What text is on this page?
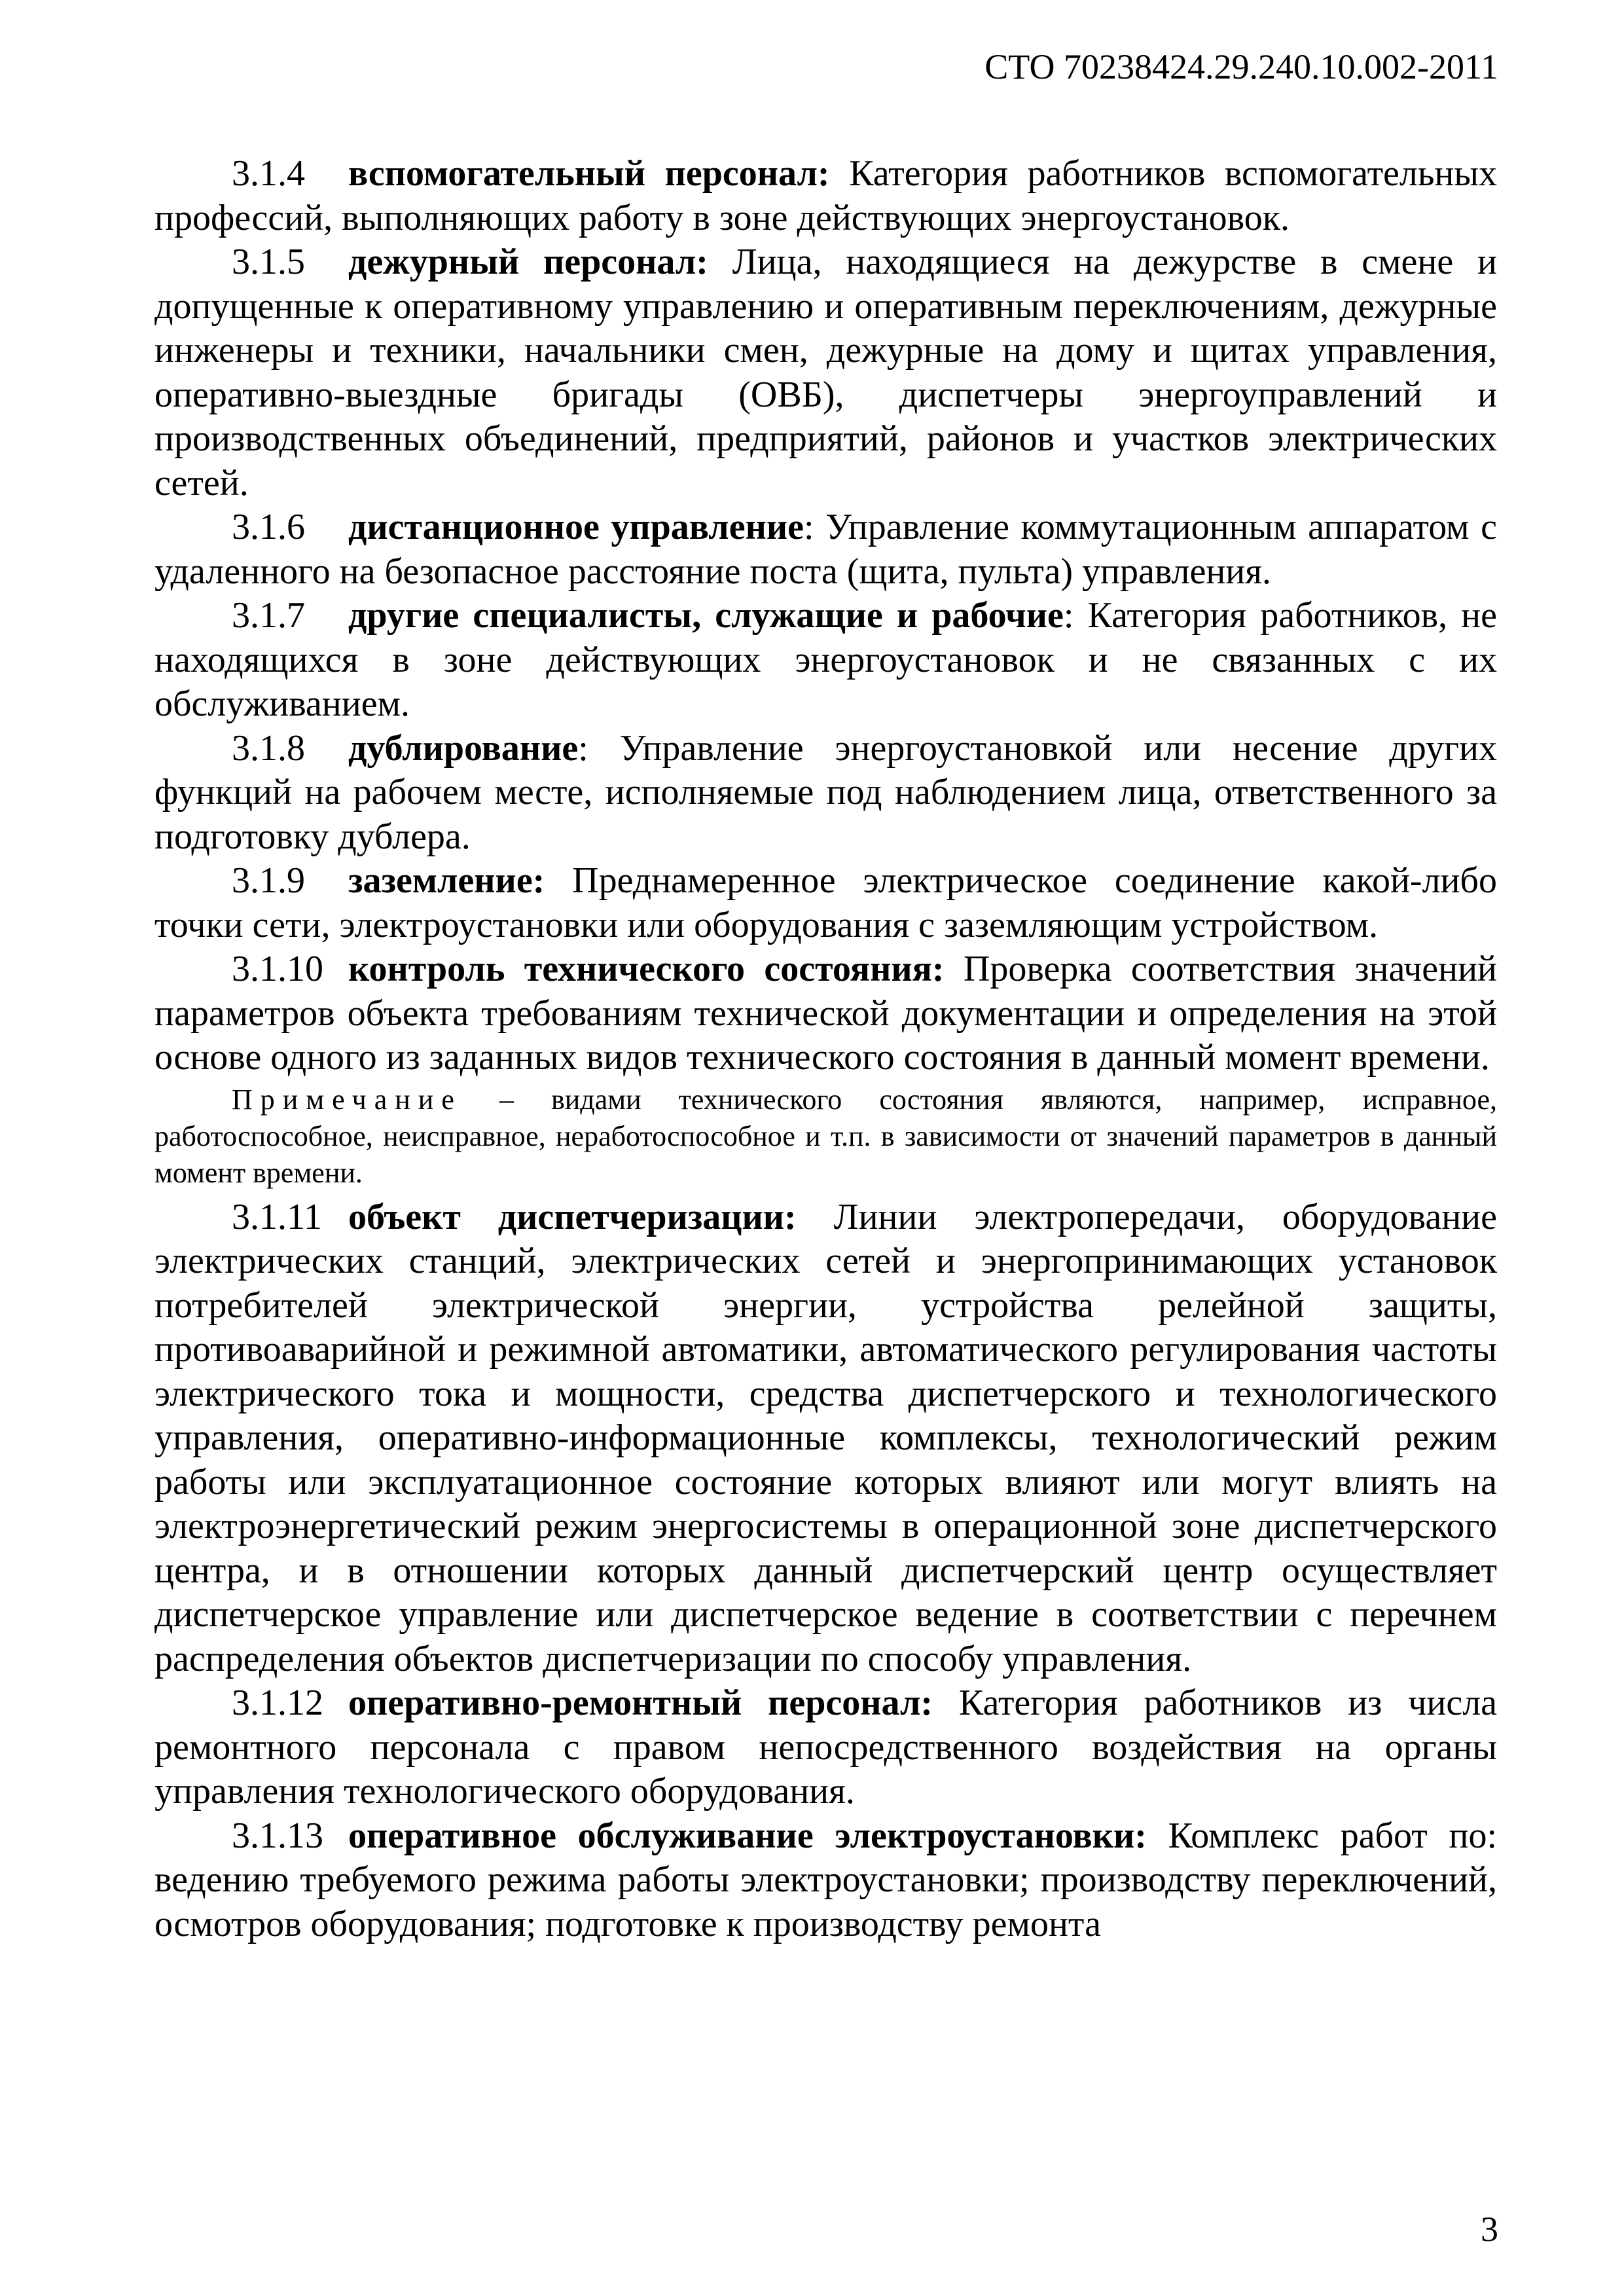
СТО 70238424.29.240.10.002-2011

3.1.4 вспомогательный персонал: Категория работников вспомогательных профессий, выполняющих работу в зоне действующих энергоустановок.

3.1.5 дежурный персонал: Лица, находящиеся на дежурстве в смене и допущенные к оперативному управлению и оперативным переключениям, дежурные инженеры и техники, начальники смен, дежурные на дому и щитах управления, оперативно-выездные бригады (ОВБ), диспетчеры энергоуправлений и производственных объединений, предприятий, районов и участков электрических сетей.

3.1.6 дистанционное управление: Управление коммутационным аппаратом с удаленного на безопасное расстояние поста (щита, пульта) управления.

3.1.7 другие специалисты, служащие и рабочие: Категория работников, не находящихся в зоне действующих энергоустановок и не связанных с их обслуживанием.

3.1.8 дублирование: Управление энергоустановкой или несение других функций на рабочем месте, исполняемые под наблюдением лица, ответственного за подготовку дублера.

3.1.9 заземление: Преднамеренное электрическое соединение какой-либо точки сети, электроустановки или оборудования с заземляющим устройством.

3.1.10 контроль технического состояния: Проверка соответствия значений параметров объекта требованиям технической документации и определения на этой основе одного из заданных видов технического состояния в данный момент времени.

Примечание – видами технического состояния являются, например, исправное, работоспособное, неисправное, неработоспособное и т.п. в зависимости от значений параметров в данный момент времени.

3.1.11 объект диспетчеризации: Линии электропередачи, оборудование электрических станций, электрических сетей и энергопринимающих установок потребителей электрической энергии, устройства релейной защиты, противоаварийной и режимной автоматики, автоматического регулирования частоты электрического тока и мощности, средства диспетчерского и технологического управления, оперативно-информационные комплексы, технологический режим работы или эксплуатационное состояние которых влияют или могут влиять на электроэнергетический режим энергосистемы в операционной зоне диспетчерского центра, и в отношении которых данный диспетчерский центр осуществляет диспетчерское управление или диспетчерское ведение в соответствии с перечнем распределения объектов диспетчеризации по способу управления.

3.1.12 оперативно-ремонтный персонал: Категория работников из числа ремонтного персонала с правом непосредственного воздействия на органы управления технологического оборудования.

3.1.13 оперативное обслуживание электроустановки: Комплекс работ по: ведению требуемого режима работы электроустановки; производству переключений, осмотров оборудования; подготовке к производству ремонта

3
